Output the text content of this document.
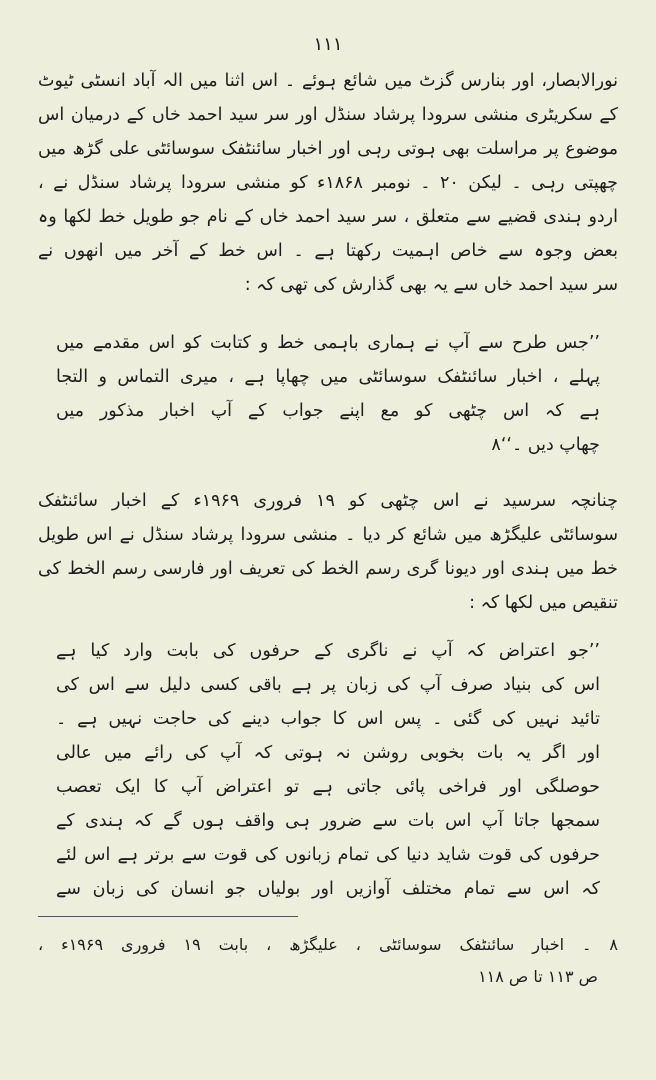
١١١
نورالابصار، اور بنارس گزٹ میں شائع ہوئے ۔ اس اثنا میں الہ آباد انسٹی ٹیوٹ
کے سکریٹری منشی سرودا پرشاد سنڈل اور سر سید احمد خاں کے درمیان اس
موضوع پر مراسلت بھی ہوتی رہی اور اخبار سائنٹفک سوسائٹی علی گڑھ میں
چھپتی رہی ۔ لیکن ۲۰ ۔ نومبر ۱۸۶۸ء کو منشی سرودا پرشاد سنڈل نے ،
اردو ہندی قضیے سے متعلق ، سر سید احمد خاں کے نام جو طویل خط لکھا وہ
بعض وجوہ سے خاص اہمیت رکھتا ہے ۔ اس خط کے آخر میں انھوں نے
سر سید احمد خاں سے یہ بھی گذارش کی تھی کہ :
’’جس طرح سے آپ نے ہماری باہمی خط و کتابت کو اس مقدمے میں
پہلے ، اخبار سائنٹفک سوسائٹی میں چھاپا ہے ، میری التماس و التجا
ہے کہ اس چٹھی کو مع اپنے جواب کے آپ اخبار مذکور میں
چھاپ دیں ۔‘‘۸
چنانچہ سرسید نے اس چٹھی کو ۱۹ فروری ۱۹۶۹ء کے اخبار سائنٹفک
سوسائٹی علیگڑھ میں شائع کر دیا ۔ منشی سرودا پرشاد سنڈل نے اس طویل
خط میں ہندی اور دیونا گری رسم الخط کی تعریف اور فارسی رسم الخط کی
تنقیص میں لکھا کہ :
’’جو اعتراض کہ آپ نے ناگری کے حرفوں کی بابت وارد کیا ہے
اس کی بنیاد صرف آپ کی زبان پر ہے باقی کسی دلیل سے اس کی
تائید نہیں کی گئی ۔ پس اس کا جواب دینے کی حاجت نہیں ہے ۔
اور اگر یہ بات بخوبی روشن نہ ہوتی کہ آپ کی رائے میں عالی
حوصلگی اور فراخی پائی جاتی ہے تو اعتراض آپ کا ایک تعصب
سمجھا جاتا آپ اس بات سے ضرور ہی واقف ہوں گے کہ ہندی کے
حرفوں کی قوت شاید دنیا کی تمام زبانوں کی قوت سے برتر ہے اس لئے
کہ اس سے تمام مختلف آوازیں اور بولیاں جو انسان کی زبان سے
۸ ۔ اخبار سائنٹفک سوسائٹی ، علیگڑھ ، بابت ۱۹ فروری ۱۹۶۹ء ،
ص ۱۱۳ تا ص ۱۱۸
